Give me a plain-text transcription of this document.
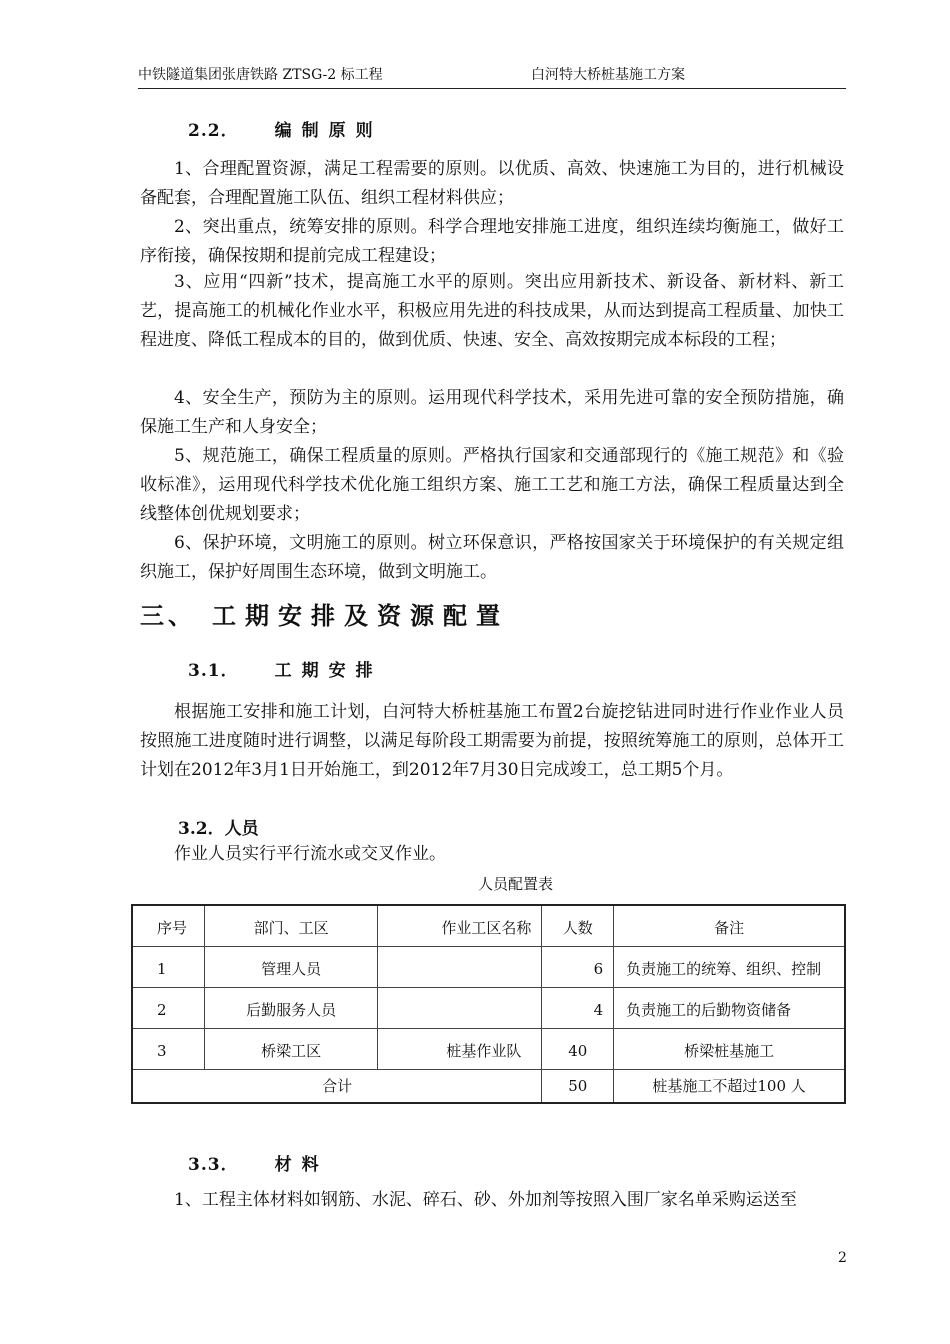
中铁隧道集团张唐铁路 ZTSG-2 标工程	白河特大桥桩基施工方案
2.2． 编制原则

1、合理配置资源，满足工程需要的原则。以优质、高效、快速施工为目的，进行机械设备配套，合理配置施工队伍、组织工程材料供应；

2、突出重点，统筹安排的原则。科学合理地安排施工进度，组织连续均衡施工，做好工序衔接，确保按期和提前完成工程建设；

3、应用“四新”技术，提高施工水平的原则。突出应用新技术、新设备、新材料、新工艺，提高施工的机械化作业水平，积极应用先进的科技成果，从而达到提高工程质量、加快工程进度、降低工程成本的目的，做到优质、快速、安全、高效按期完成本标段的工程；

4、安全生产，预防为主的原则。运用现代科学技术，采用先进可靠的安全预防措施，确保施工生产和人身安全；

5、规范施工，确保工程质量的原则。严格执行国家和交通部现行的《施工规范》和《验收标准》，运用现代科学技术优化施工组织方案、施工工艺和施工方法，确保工程质量达到全线整体创优规划要求；

6、保护环境，文明施工的原则。树立环保意识，严格按国家关于环境保护的有关规定组织施工，保护好周围生态环境，做到文明施工。

三、 工期安排及资源配置
3.1． 工期安排

根据施工安排和施工计划，白河特大桥桩基施工布置2台旋挖钻进同时进行作业作业人员按照施工进度随时进行调整，以满足每阶段工期需要为前提，按照统筹施工的原则，总体开工计划在2012年3月1日开始施工，到2012年7月30日完成竣工，总工期5个月。

3.2．人员

作业人员实行平行流水或交叉作业。

人员配置表
序号	部门、工区	作业工区名称	人数	备注

1	管理人员		6	负责施工的统筹、组织、控制

2	后勤服务人员		4	负责施工的后勤物资储备

3	桥梁工区	桩基作业队	40	桥梁桩基施工

合计			50	桩基施工不超过100 人
3.3． 材料

1、工程主体材料如钢筋、水泥、碎石、砂、外加剂等按照入围厂家名单采购运送至

2
